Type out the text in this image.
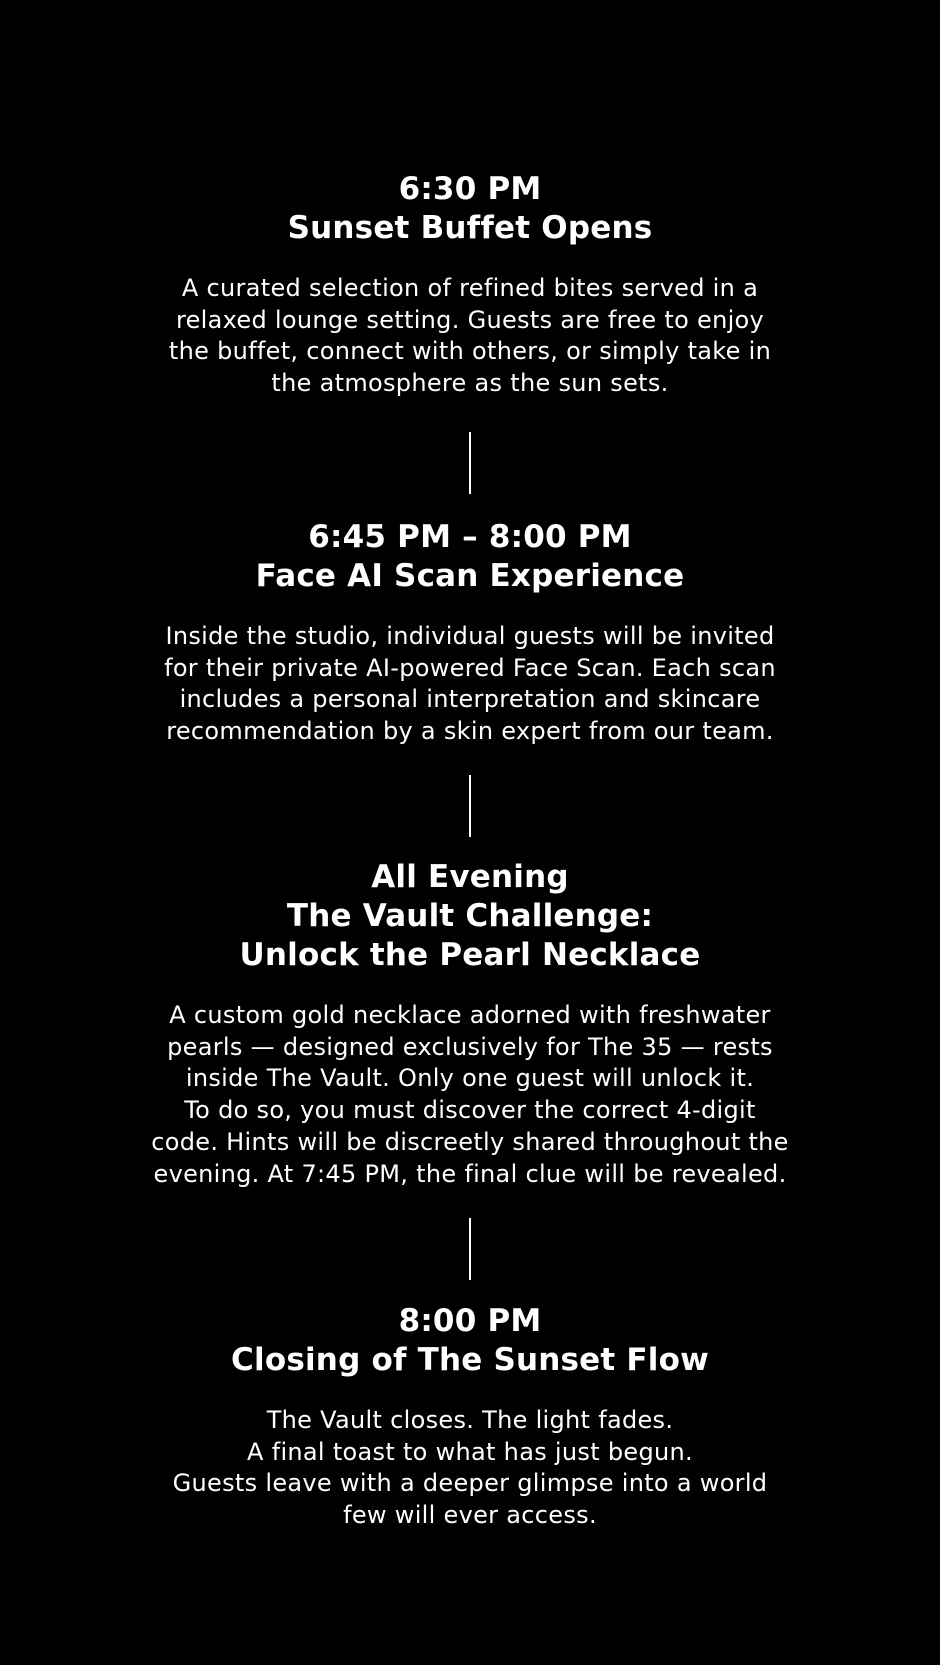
6:30 PM
Sunset Buffet Opens

A curated selection of refined bites served in a
relaxed lounge setting. Guests are free to enjoy
the buffet, connect with others, or simply take in
the atmosphere as the sun sets.

6:45 PM – 8:00 PM
Face AI Scan Experience

Inside the studio, individual guests will be invited
for their private AI-powered Face Scan. Each scan
includes a personal interpretation and skincare
recommendation by a skin expert from our team.

All Evening
The Vault Challenge:
Unlock the Pearl Necklace

A custom gold necklace adorned with freshwater
pearls — designed exclusively for The 35 — rests
inside The Vault. Only one guest will unlock it.
To do so, you must discover the correct 4-digit
code. Hints will be discreetly shared throughout the
evening. At 7:45 PM, the final clue will be revealed.

8:00 PM
Closing of The Sunset Flow

The Vault closes. The light fades.
A final toast to what has just begun.
Guests leave with a deeper glimpse into a world
few will ever access.
